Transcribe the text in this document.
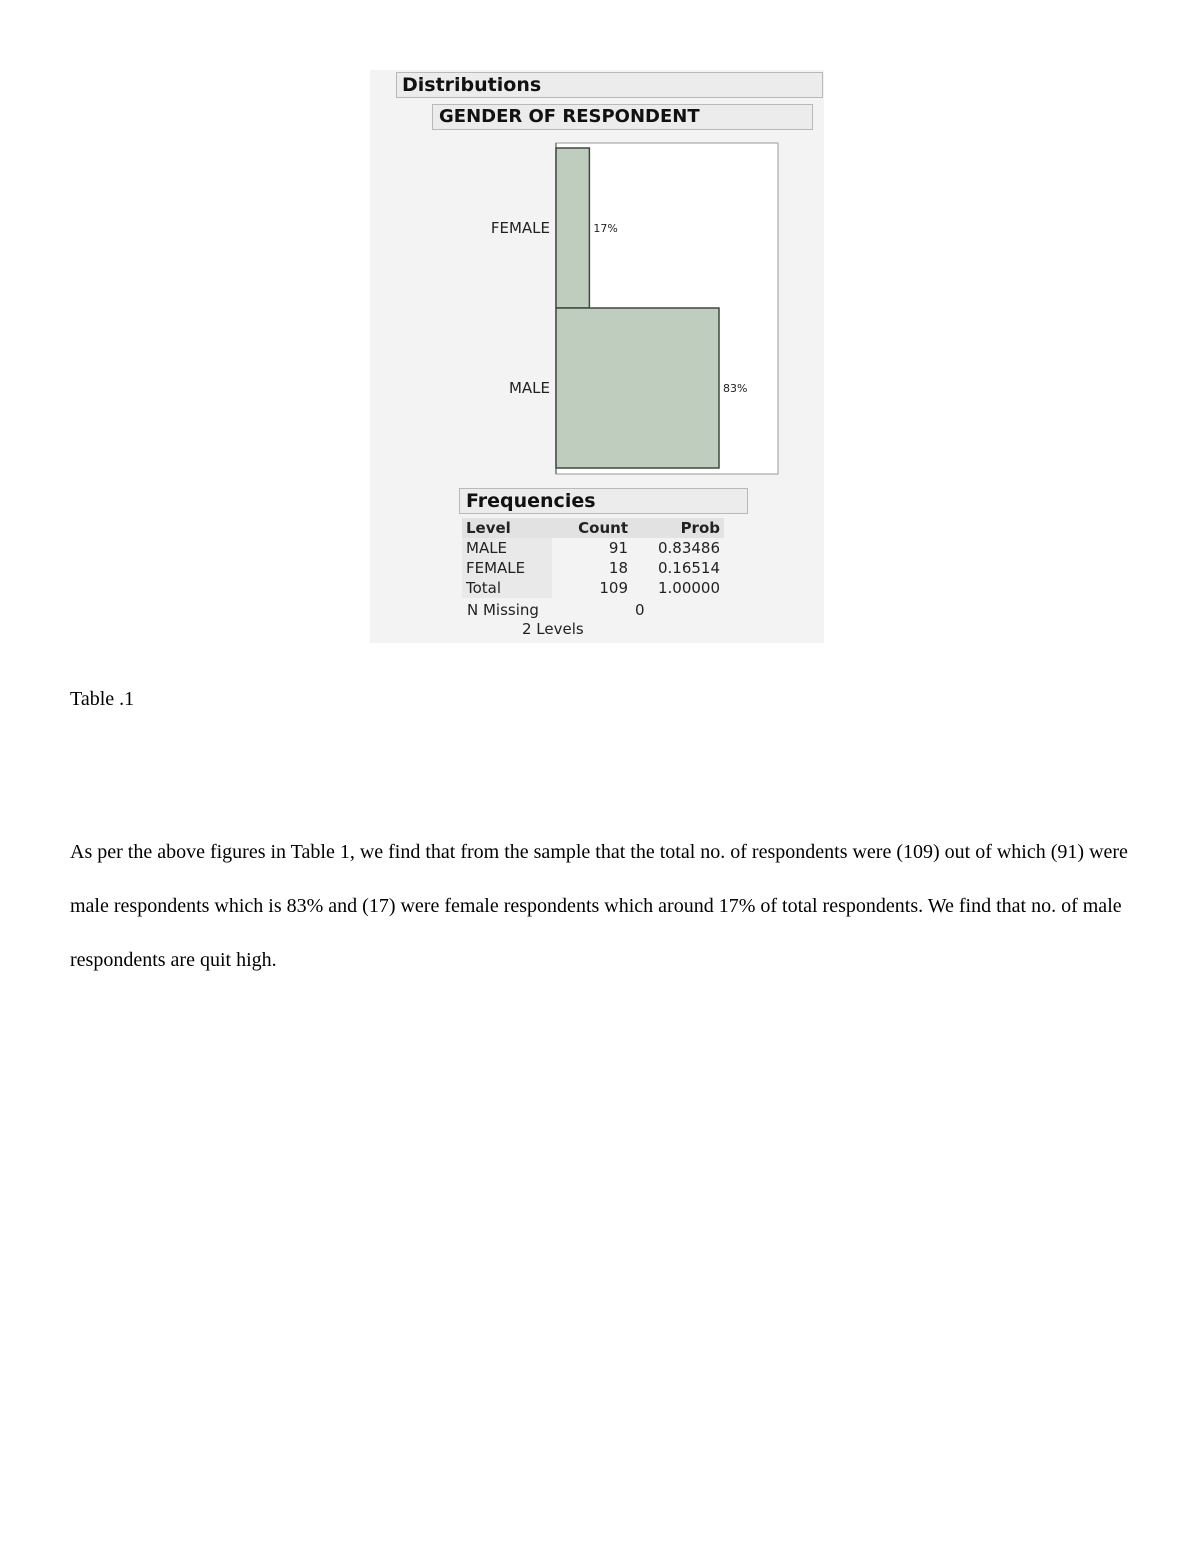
Distributions
GENDER OF RESPONDENT
FEMALE	17%
MALE	83%
Frequencies
Level	Count	Prob
MALE	91	0.83486
FEMALE	18	0.16514
Total	109	1.00000
N Missing	0
2 Levels
Table .1

As per the above figures in Table 1, we find that from the sample that the total no. of respondents were (109) out of which (91) were male respondents which is 83% and (17) were female respondents which around 17% of total respondents. We find that no. of male respondents are quit high.
